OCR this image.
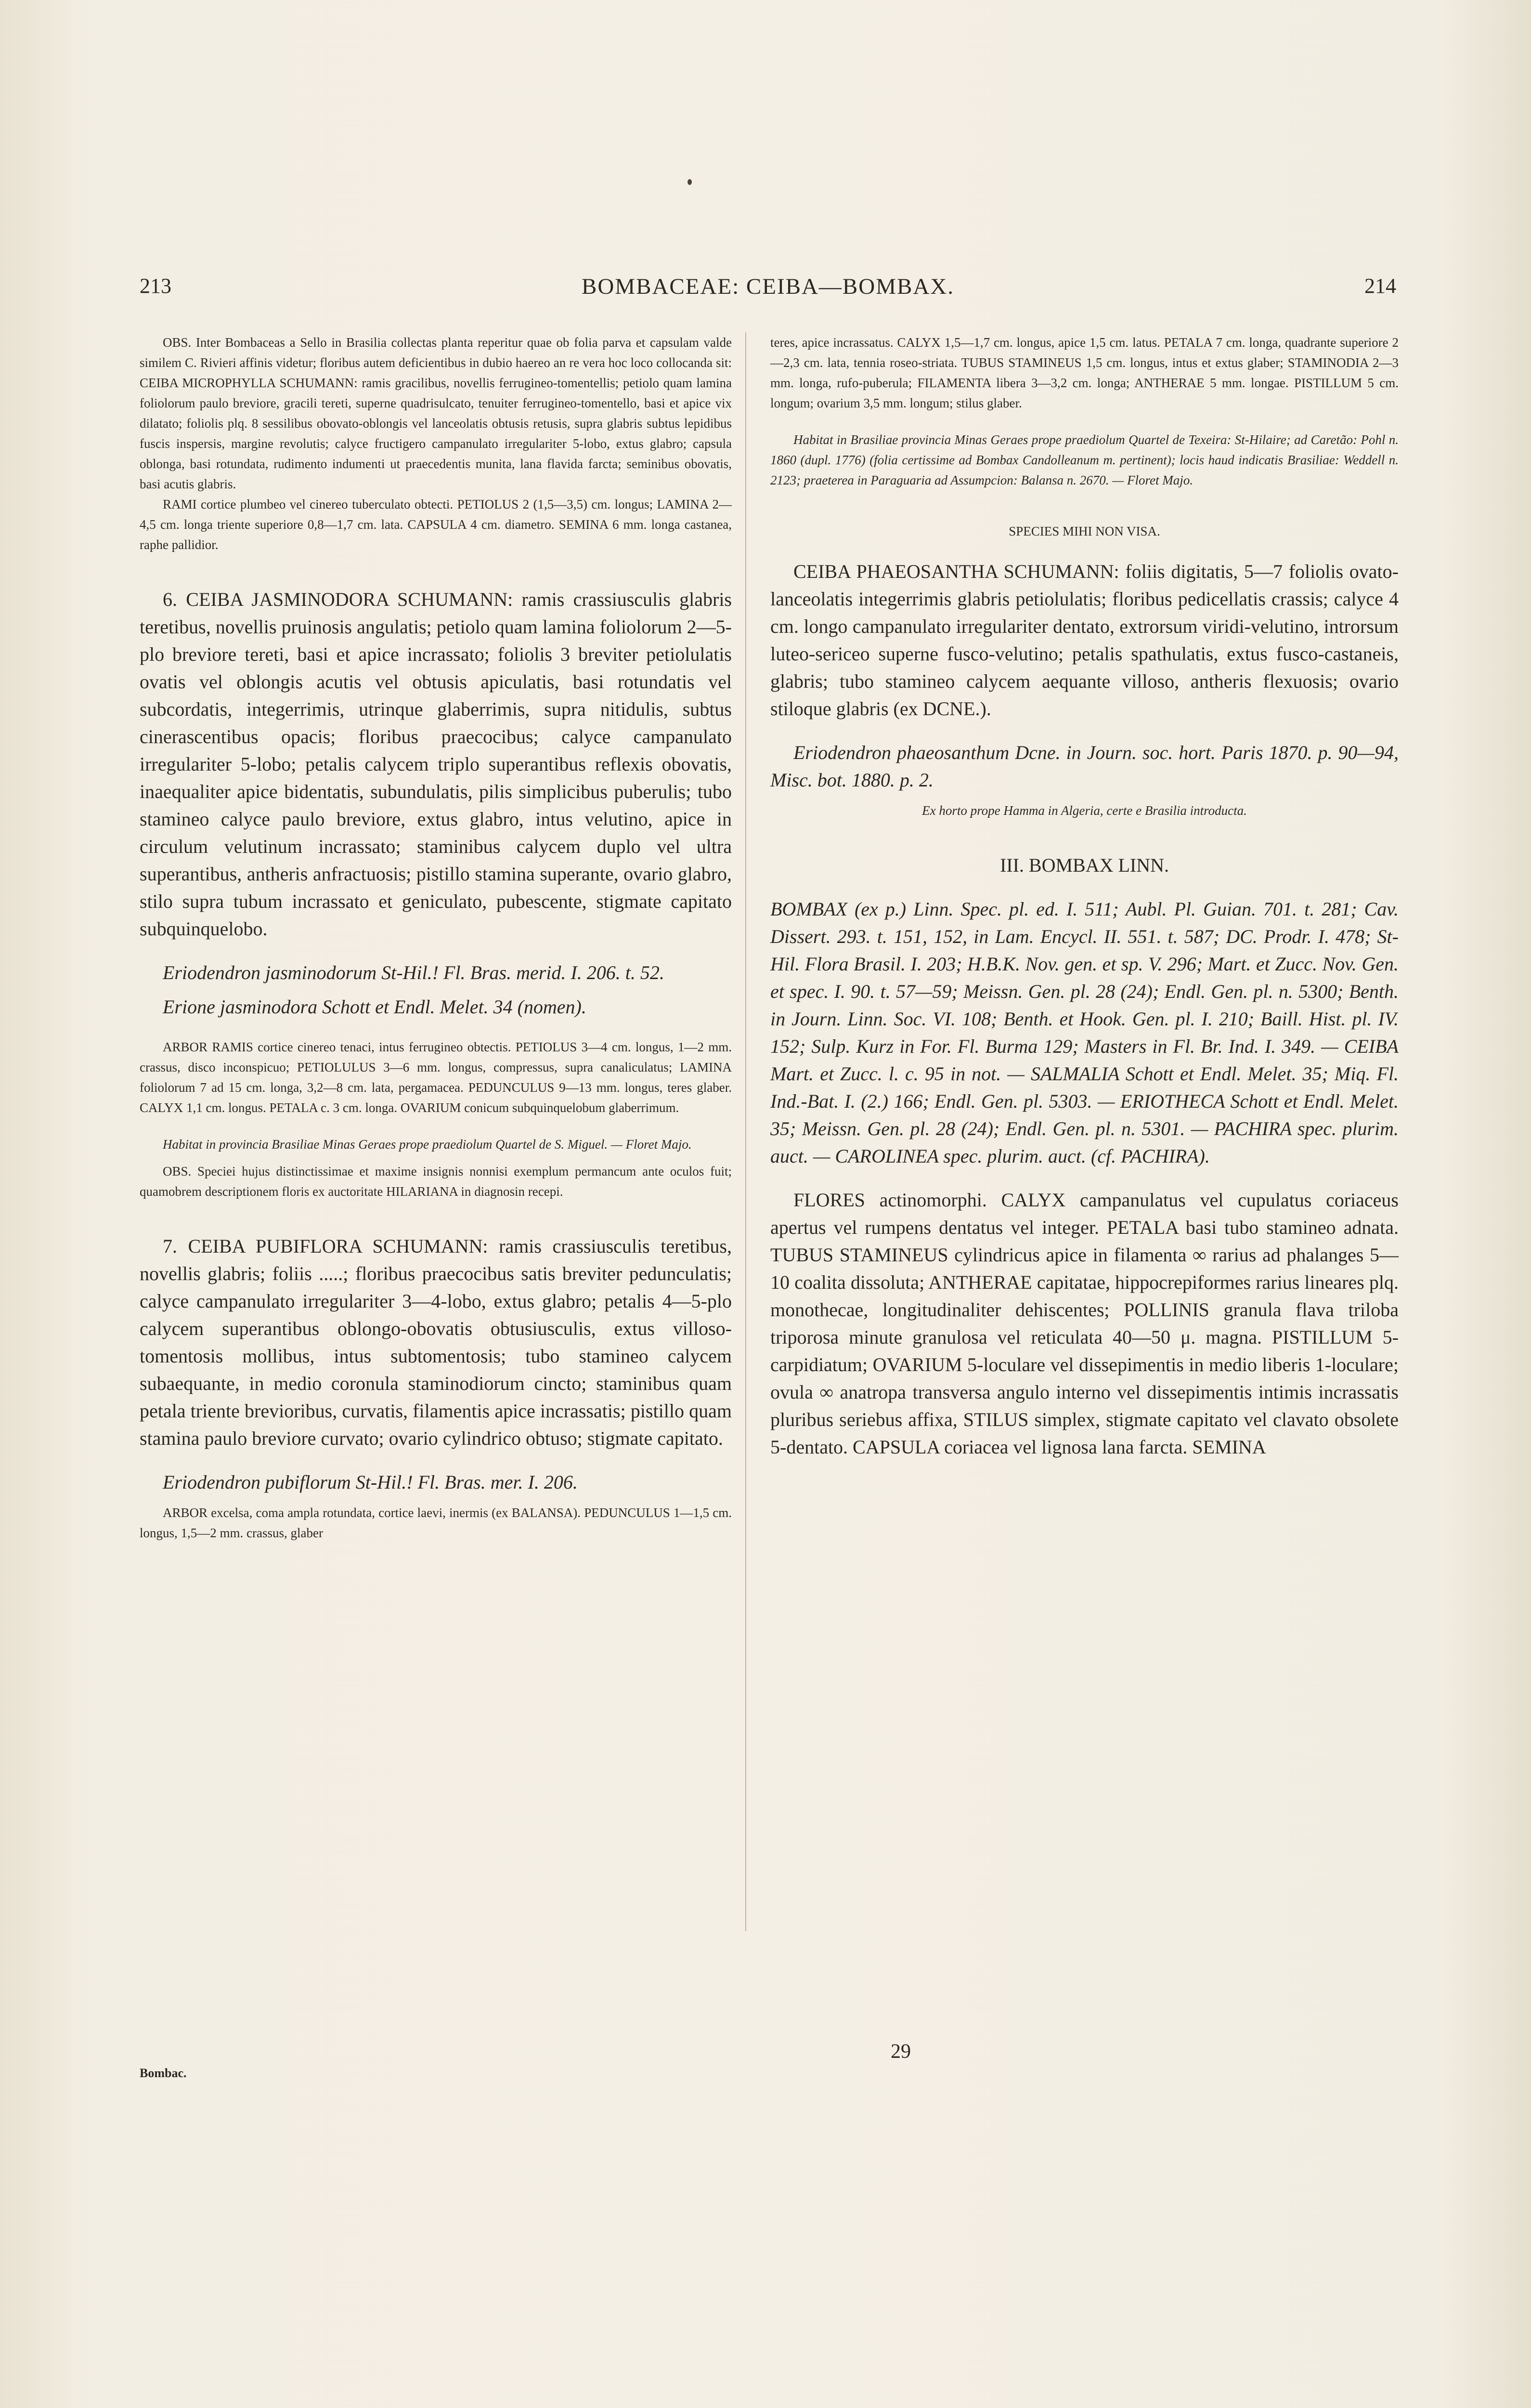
213	BOMBACEAE: CEIBA—BOMBAX.	214

OBS. Inter Bombaceas a Sello in Brasilia collectas planta reperitur quae ob folia parva et capsulam valde similem C. Rivieri affinis videtur; floribus autem deficientibus in dubio haereo an re vera hoc loco collocanda sit: CEIBA MICROPHYLLA SCHUMANN: ramis gracilibus, novellis ferrugineo-tomentellis; petiolo quam lamina foliolorum paulo breviore, gracili tereti, superne quadrisulcato, tenuiter ferrugineo-tomentello, basi et apice vix dilatato; foliolis plq. 8 sessilibus obovato-oblongis vel lanceolatis obtusis retusis, supra glabris subtus lepidibus fuscis inspersis, margine revolutis; calyce fructigero campanulato irregulariter 5-lobo, extus glabro; capsula oblonga, basi rotundata, rudimento indumenti ut praecedentis munita, lana flavida farcta; seminibus obovatis, basi acutis glabris.

RAMI cortice plumbeo vel cinereo tuberculato obtecti. PETIOLUS 2 (1,5—3,5) cm. longus; LAMINA 2—4,5 cm. longa triente superiore 0,8—1,7 cm. lata. CAPSULA 4 cm. diametro. SEMINA 6 mm. longa castanea, raphe pallidior.

6. CEIBA JASMINODORA SCHUMANN: ramis crassiusculis glabris teretibus, novellis pruinosis angulatis; petiolo quam lamina foliolorum 2—5-plo breviore tereti, basi et apice incrassato; foliolis 3 breviter petiolulatis ovatis vel oblongis acutis vel obtusis apiculatis, basi rotundatis vel subcordatis, integerrimis, utrinque glaberrimis, supra nitidulis, subtus cinerascentibus opacis; floribus praecocibus; calyce campanulato irregulariter 5-lobo; petalis calycem triplo superantibus reflexis obovatis, inaequaliter apice bidentatis, subundulatis, pilis simplicibus puberulis; tubo stamineo calyce paulo breviore, extus glabro, intus velutino, apice in circulum velutinum incrassato; staminibus calycem duplo vel ultra superantibus, antheris anfractuosis; pistillo stamina superante, ovario glabro, stilo supra tubum incrassato et geniculato, pubescente, stigmate capitato subquinquelobo.

Eriodendron jasminodorum St-Hil.! Fl. Bras. merid. I. 206. t. 52.

Erione jasminodora Schott et Endl. Melet. 34 (nomen).

ARBOR RAMIS cortice cinereo tenaci, intus ferrugineo obtectis. PETIOLUS 3—4 cm. longus, 1—2 mm. crassus, disco inconspicuo; PETIOLULUS 3—6 mm. longus, compressus, supra canaliculatus; LAMINA foliolorum 7 ad 15 cm. longa, 3,2—8 cm. lata, pergamacea. PEDUNCULUS 9—13 mm. longus, teres glaber. CALYX 1,1 cm. longus. PETALA c. 3 cm. longa. OVARIUM conicum subquinquelobum glaberrimum.

Habitat in provincia Brasiliae Minas Geraes prope praediolum Quartel de S. Miguel. — Floret Majo.

OBS. Speciei hujus distinctissimae et maxime insignis nonnisi exemplum permancum ante oculos fuit; quamobrem descriptionem floris ex auctoritate HILARIANA in diagnosin recepi.

7. CEIBA PUBIFLORA SCHUMANN: ramis crassiusculis teretibus, novellis glabris; foliis .....; floribus praecocibus satis breviter pedunculatis; calyce campanulato irregulariter 3—4-lobo, extus glabro; petalis 4—5-plo calycem superantibus oblongo-obovatis obtusiusculis, extus villoso-tomentosis mollibus, intus subtomentosis; tubo stamineo calycem subaequante, in medio coronula staminodiorum cincto; staminibus quam petala triente brevioribus, curvatis, filamentis apice incrassatis; pistillo quam stamina paulo breviore curvato; ovario cylindrico obtuso; stigmate capitato.

Eriodendron pubiflorum St-Hil.! Fl. Bras. mer. I. 206.

ARBOR excelsa, coma ampla rotundata, cortice laevi, inermis (ex BALANSA). PEDUNCULUS 1—1,5 cm. longus, 1,5—2 mm. crassus, glaber

teres, apice incrassatus. CALYX 1,5—1,7 cm. longus, apice 1,5 cm. latus. PETALA 7 cm. longa, quadrante superiore 2—2,3 cm. lata, tennia roseo-striata. TUBUS STAMINEUS 1,5 cm. longus, intus et extus glaber; STAMINODIA 2—3 mm. longa, rufo-puberula; FILAMENTA libera 3—3,2 cm. longa; ANTHERAE 5 mm. longae. PISTILLUM 5 cm. longum; ovarium 3,5 mm. longum; stilus glaber.

Habitat in Brasiliae provincia Minas Geraes prope praediolum Quartel de Texeira: St-Hilaire; ad Caretão: Pohl n. 1860 (dupl. 1776) (folia certissime ad Bombax Candolleanum m. pertinent); locis haud indicatis Brasiliae: Weddell n. 2123; praeterea in Paraguaria ad Assumpcion: Balansa n. 2670. — Floret Majo.

SPECIES MIHI NON VISA.

CEIBA PHAEOSANTHA SCHUMANN: foliis digitatis, 5—7 foliolis ovato-lanceolatis integerrimis glabris petiolulatis; floribus pedicellatis crassis; calyce 4 cm. longo campanulato irregulariter dentato, extrorsum viridi-velutino, introrsum luteo-sericeo superne fusco-velutino; petalis spathulatis, extus fusco-castaneis, glabris; tubo stamineo calycem aequante villoso, antheris flexuosis; ovario stiloque glabris (ex DCNE.).

Eriodendron phaeosanthum Dcne. in Journ. soc. hort. Paris 1870. p. 90—94, Misc. bot. 1880. p. 2.

Ex horto prope Hamma in Algeria, certe e Brasilia introducta.

III. BOMBAX LINN.

BOMBAX (ex p.) Linn. Spec. pl. ed. I. 511; Aubl. Pl. Guian. 701. t. 281; Cav. Dissert. 293. t. 151, 152, in Lam. Encycl. II. 551. t. 587; DC. Prodr. I. 478; St-Hil. Flora Brasil. I. 203; H.B.K. Nov. gen. et sp. V. 296; Mart. et Zucc. Nov. Gen. et spec. I. 90. t. 57—59; Meissn. Gen. pl. 28 (24); Endl. Gen. pl. n. 5300; Benth. in Journ. Linn. Soc. VI. 108; Benth. et Hook. Gen. pl. I. 210; Baill. Hist. pl. IV. 152; Sulp. Kurz in For. Fl. Burma 129; Masters in Fl. Br. Ind. I. 349. — CEIBA Mart. et Zucc. l. c. 95 in not. — SALMALIA Schott et Endl. Melet. 35; Miq. Fl. Ind.-Bat. I. (2.) 166; Endl. Gen. pl. 5303. — ERIOTHECA Schott et Endl. Melet. 35; Meissn. Gen. pl. 28 (24); Endl. Gen. pl. n. 5301. — PACHIRA spec. plurim. auct. — CAROLINEA spec. plurim. auct. (cf. PACHIRA).

FLORES actinomorphi. CALYX campanulatus vel cupulatus coriaceus apertus vel rumpens dentatus vel integer. PETALA basi tubo stamineo adnata. TUBUS STAMINEUS cylindricus apice in filamenta ∞ rarius ad phalanges 5—10 coalita dissoluta; ANTHERAE capitatae, hippocrepiformes rarius lineares plq. monothecae, longitudinaliter dehiscentes; POLLINIS granula flava triloba triporosa minute granulosa vel reticulata 40—50 μ. magna. PISTILLUM 5-carpidiatum; OVARIUM 5-loculare vel dissepimentis in medio liberis 1-loculare; ovula ∞ anatropa transversa angulo interno vel dissepimentis intimis incrassatis pluribus seriebus affixa, STILUS simplex, stigmate capitato vel clavato obsolete 5-dentato. CAPSULA coriacea vel lignosa lana farcta. SEMINA

Bombac.
29
